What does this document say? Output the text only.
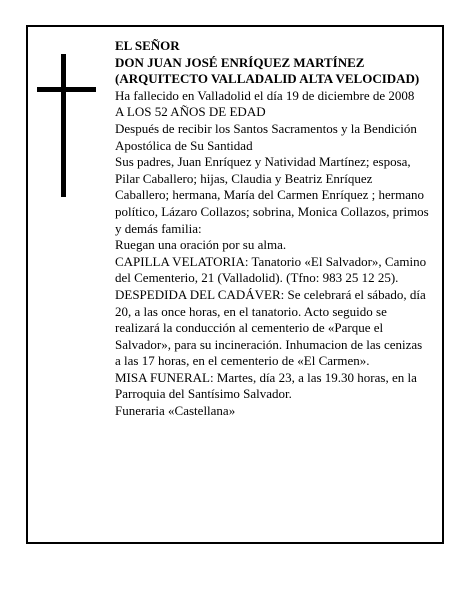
EL SEÑOR

DON JUAN JOSÉ ENRÍQUEZ MARTÍNEZ

(ARQUITECTO VALLADALID ALTA VELOCIDAD)

Ha fallecido en Valladolid el día 19 de diciembre de 2008

A LOS 52 AÑOS DE EDAD

Después de recibir los Santos Sacramentos y la Bendición Apostólica de Su Santidad

Sus padres, Juan Enríquez y Natividad Martínez; esposa, Pilar Caballero; hijas, Claudia y Beatriz Enríquez Caballero; hermana, María del Carmen Enríquez ; hermano político, Lázaro Collazos; sobrina, Monica Collazos, primos y demás familia:

Ruegan una oración por su alma.

CAPILLA VELATORIA: Tanatorio «El Salvador», Camino del Cementerio, 21 (Valladolid). (Tfno: 983 25 12 25).

DESPEDIDA DEL CADÁVER: Se celebrará el sábado, día 20, a las once horas, en el tanatorio. Acto seguido se realizará la conducción al cementerio de «Parque el Salvador», para su incineración. Inhumacion de las cenizas a las 17 horas, en el cementerio de «El Carmen».

MISA FUNERAL: Martes, día 23, a las 19.30 horas, en la Parroquia del Santísimo Salvador.

Funeraria «Castellana»
